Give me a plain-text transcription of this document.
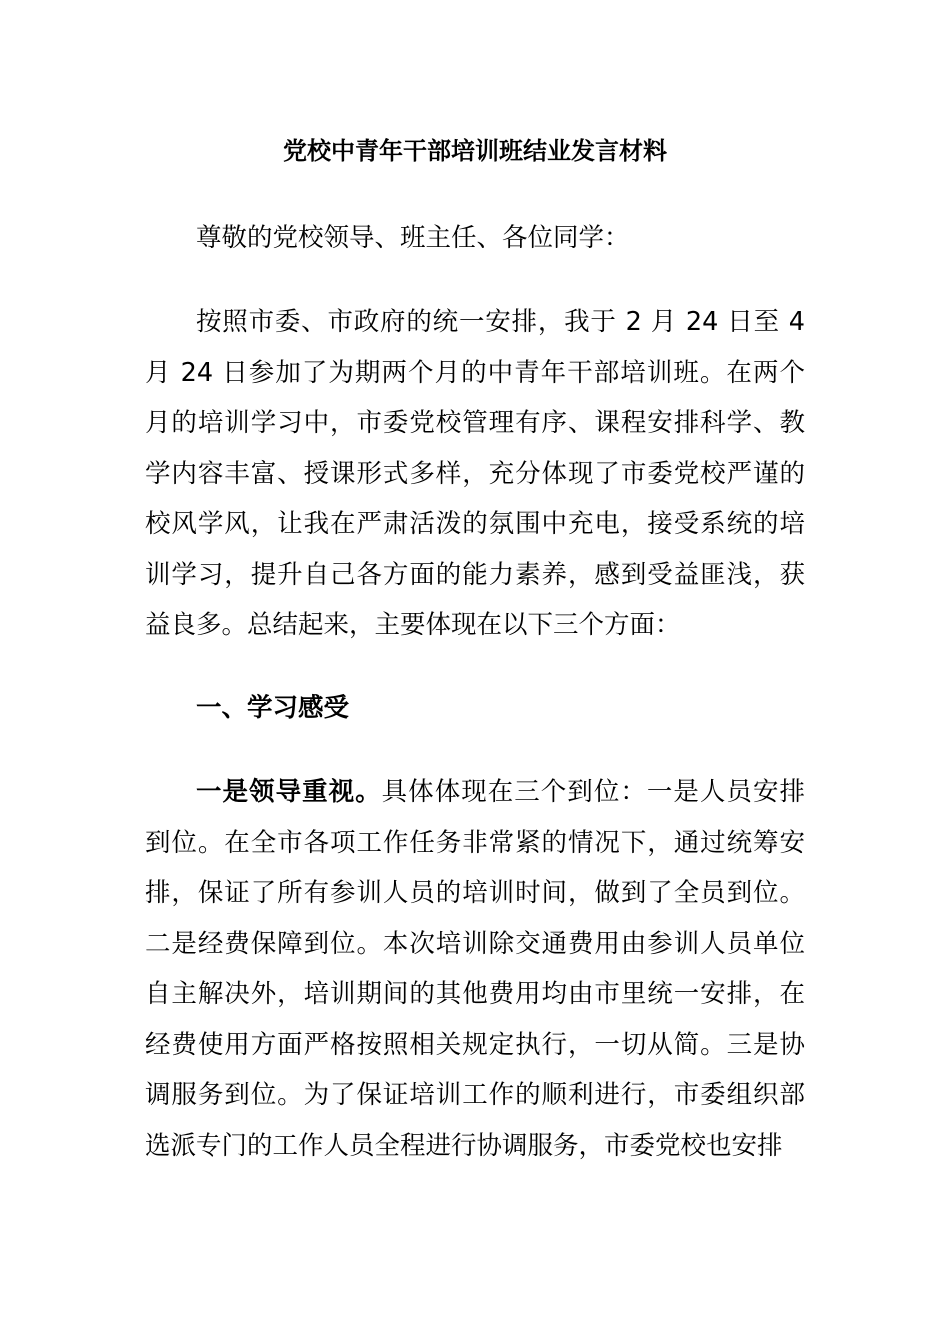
党校中青年干部培训班结业发言材料
尊敬的党校领导、班主任、各位同学：
按照市委、市政府的统一安排，我于 2 月 24 日至 4 月 24 日参加了为期两个月的中青年干部培训班。在两个月的培训学习中，市委党校管理有序、课程安排科学、教学内容丰富、授课形式多样，充分体现了市委党校严谨的校风学风，让我在严肃活泼的氛围中充电，接受系统的培训学习，提升自己各方面的能力素养，感到受益匪浅，获益良多。总结起来，主要体现在以下三个方面：
一、学习感受
一是领导重视。具体体现在三个到位：一是人员安排到位。在全市各项工作任务非常紧的情况下，通过统筹安排，保证了所有参训人员的培训时间，做到了全员到位。二是经费保障到位。本次培训除交通费用由参训人员单位自主解决外，培训期间的其他费用均由市里统一安排，在经费使用方面严格按照相关规定执行，一切从简。三是协调服务到位。为了保证培训工作的顺利进行，市委组织部选派专门的工作人员全程进行协调服务，市委党校也安排
